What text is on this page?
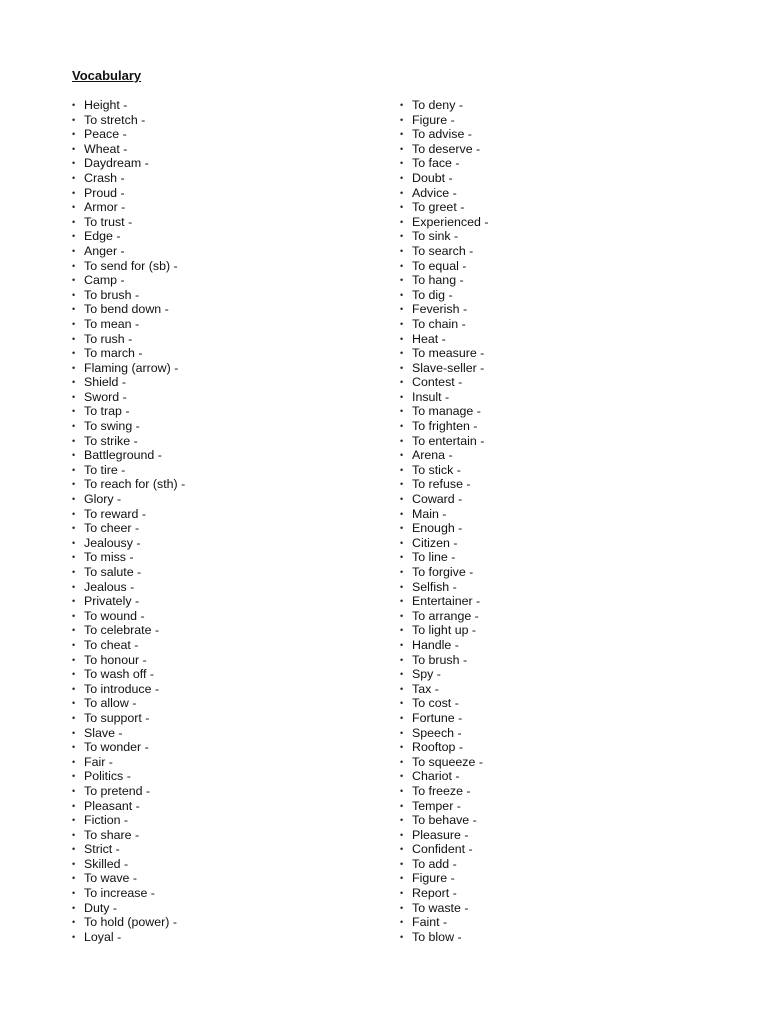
Vocabulary
• Height -
• To stretch -
• Peace -
• Wheat -
• Daydream -
• Crash -
• Proud -
• Armor -
• To trust -
• Edge -
• Anger -
• To send for (sb) -
• Camp -
• To brush -
• To bend down -
• To mean -
• To rush -
• To march -
• Flaming (arrow) -
• Shield -
• Sword -
• To trap -
• To swing -
• To strike -
• Battleground -
• To tire -
• To reach for (sth) -
• Glory -
• To reward -
• To cheer -
• Jealousy -
• To miss -
• To salute -
• Jealous -
• Privately -
• To wound -
• To celebrate -
• To cheat -
• To honour -
• To wash off -
• To introduce -
• To allow -
• To support -
• Slave -
• To wonder -
• Fair -
• Politics -
• To pretend -
• Pleasant -
• Fiction -
• To share -
• Strict -
• Skilled -
• To wave -
• To increase -
• Duty -
• To hold (power) -
• Loyal -
• To deny -
• Figure -
• To advise -
• To deserve -
• To face -
• Doubt -
• Advice -
• To greet -
• Experienced -
• To sink -
• To search -
• To equal -
• To hang -
• To dig -
• Feverish -
• To chain -
• Heat -
• To measure -
• Slave-seller -
• Contest -
• Insult -
• To manage -
• To frighten -
• To entertain -
• Arena -
• To stick -
• To refuse -
• Coward -
• Main -
• Enough -
• Citizen -
• To line -
• To forgive -
• Selfish -
• Entertainer -
• To arrange -
• To light up -
• Handle -
• To brush -
• Spy -
• Tax -
• To cost -
• Fortune -
• Speech -
• Rooftop -
• To squeeze -
• Chariot -
• To freeze -
• Temper -
• To behave -
• Pleasure -
• Confident -
• To add -
• Figure -
• Report -
• To waste -
• Faint -
• To blow -
